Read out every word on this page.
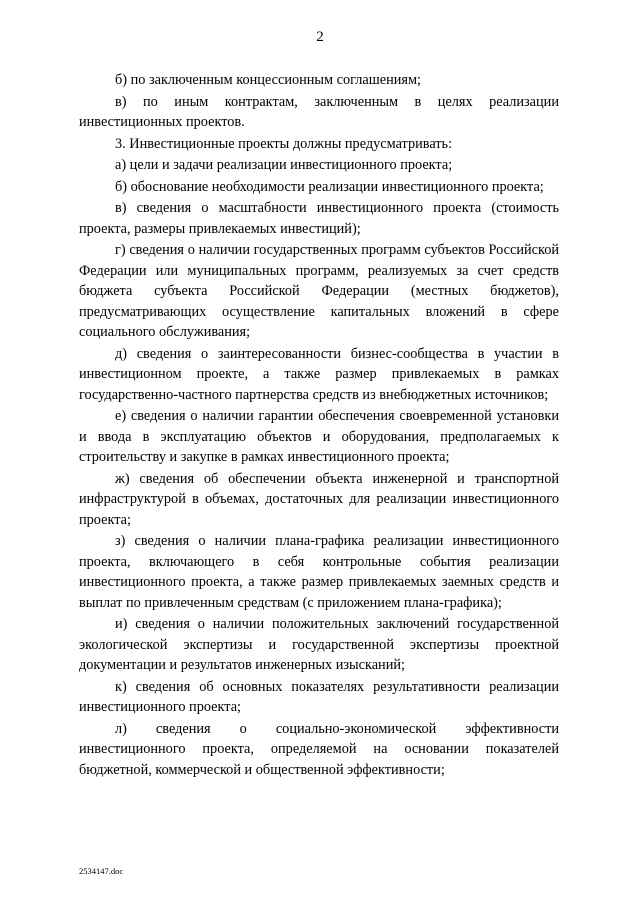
2

б) по заключенным концессионным соглашениям;

в) по иным контрактам, заключенным в целях реализации инвестиционных проектов.

3. Инвестиционные проекты должны предусматривать:

а) цели и задачи реализации инвестиционного проекта;

б) обоснование необходимости реализации инвестиционного проекта;

в) сведения о масштабности инвестиционного проекта (стоимость проекта, размеры привлекаемых инвестиций);

г) сведения о наличии государственных программ субъектов Российской Федерации или муниципальных программ, реализуемых за счет средств бюджета субъекта Российской Федерации (местных бюджетов), предусматривающих осуществление капитальных вложений в сфере социального обслуживания;

д) сведения о заинтересованности бизнес-сообщества в участии в инвестиционном проекте, а также размер привлекаемых в рамках государственно-частного партнерства средств из внебюджетных источников;

е) сведения о наличии гарантии обеспечения своевременной установки и ввода в эксплуатацию объектов и оборудования, предполагаемых к строительству и закупке в рамках инвестиционного проекта;

ж) сведения об обеспечении объекта инженерной и транспортной инфраструктурой в объемах, достаточных для реализации инвестиционного проекта;

з) сведения о наличии плана-графика реализации инвестиционного проекта, включающего в себя контрольные события реализации инвестиционного проекта, а также размер привлекаемых заемных средств и выплат по привлеченным средствам (с приложением плана-графика);

и) сведения о наличии положительных заключений государственной экологической экспертизы и государственной экспертизы проектной документации и результатов инженерных изысканий;

к) сведения об основных показателях результативности реализации инвестиционного проекта;

л) сведения о социально-экономической эффективности инвестиционного проекта, определяемой на основании показателей бюджетной, коммерческой и общественной эффективности;

2534147.doc
